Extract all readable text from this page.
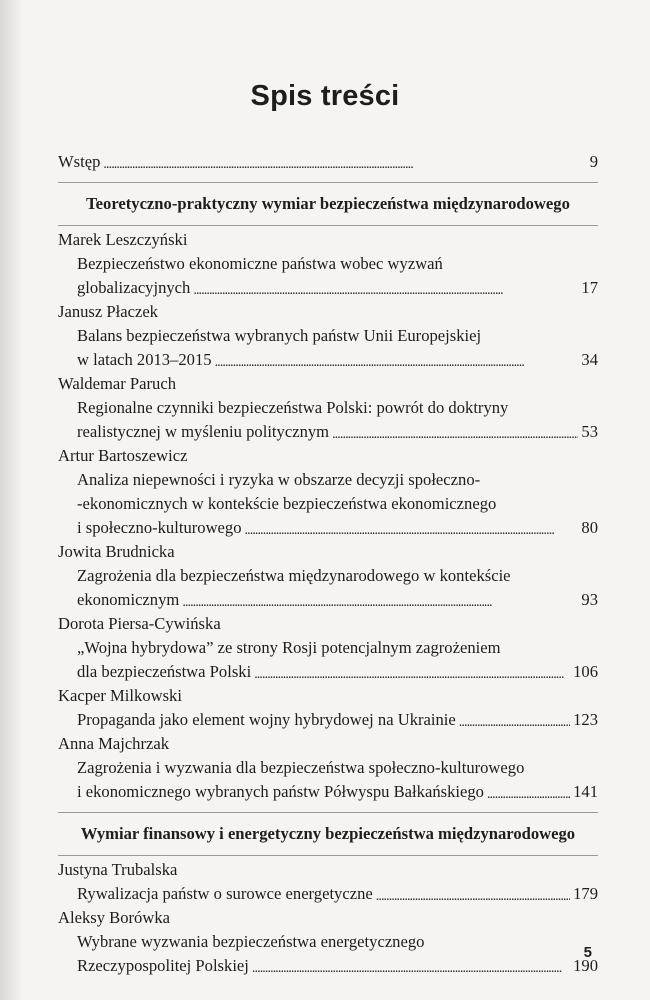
Spis treści
Wstęp . . .	9
Teoretyczno-praktyczny wymiar bezpieczeństwa międzynarodowego
Marek Leszczyński
Bezpieczeństwo ekonomiczne państwa wobec wyzwań
globalizacyjnych . . .	17
Janusz Płaczek
Balans bezpieczeństwa wybranych państw Unii Europejskiej
w latach 2013–2015 . . .	34
Waldemar Paruch
Regionalne czynniki bezpieczeństwa Polski: powrót do doktryny
realistycznej w myśleniu politycznym . . .	53
Artur Bartoszewicz
Analiza niepewności i ryzyka w obszarze decyzji społeczno-
-ekonomicznych w kontekście bezpieczeństwa ekonomicznego
i społeczno-kulturowego . . .	80
Jowita Brudnicka
Zagrożenia dla bezpieczeństwa międzynarodowego w kontekście
ekonomicznym . . .	93
Dorota Piersa-Cywińska
„Wojna hybrydowa” ze strony Rosji potencjalnym zagrożeniem
dla bezpieczeństwa Polski . . .	106
Kacper Milkowski
Propaganda jako element wojny hybrydowej na Ukrainie . . .	123
Anna Majchrzak
Zagrożenia i wyzwania dla bezpieczeństwa społeczno-kulturowego
i ekonomicznego wybranych państw Półwyspu Bałkańskiego . . .	141
Wymiar finansowy i energetyczny bezpieczeństwa międzynarodowego
Justyna Trubalska
Rywalizacja państw o surowce energetyczne . . .	179
Aleksy Borówka
Wybrane wyzwania bezpieczeństwa energetycznego
Rzeczypospolitej Polskiej . . .	190
5
